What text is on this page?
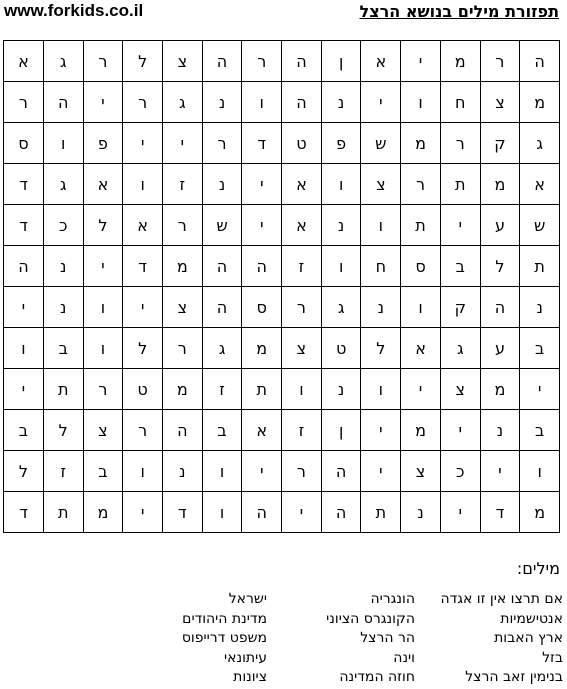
www.forkids.co.il	תפזורת מילים בנושא הרצל
ה	ר	מ	י	א	ן	ה	ר	ה	צ	ל	ר	ג	א
מ	צ	ח	ו	י	נ	ה	ו	נ	ג	ר	י	ה	ר
ג	ק	ר	מ	ש	פ	ט	ד	ר	י	י	פ	ו	ס
א	מ	ת	ר	צ	ו	א	י	נ	ז	ו	א	ג	ד
ש	ע	י	ת	ו	נ	א	י	ש	ר	א	ל	כ	ד
ת	ל	ב	ס	ח	ו	ז	ה	ה	מ	ד	י	נ	ה
נ	ה	ק	ו	נ	ג	ר	ס	ה	צ	י	ו	נ	י
ב	ע	ג	א	ל	ט	צ	מ	ג	ר	ל	ו	ב	ו
י	מ	צ	י	ו	נ	ו	ת	ז	מ	ט	ר	ת	י
ב	נ	י	מ	י	ן	ז	א	ב	ה	ר	צ	ל	ב
ו	י	כ	צ	י	ה	ר	י	ו	נ	ו	ב	ז	ל
מ	ד	י	נ	ת	ה	י	ה	ו	ד	י	מ	ת	ד
מילים:
אם תרצו אין זו אגדה
אנטישמיות
ארץ האבות
בזל
בנימין זאב הרצל
הונגריה
הקונגרס הציוני
הר הרצל
וינה
חוזה המדינה
ישראל
מדינת היהודים
משפט דרייפוס
עיתונאי
ציונות
